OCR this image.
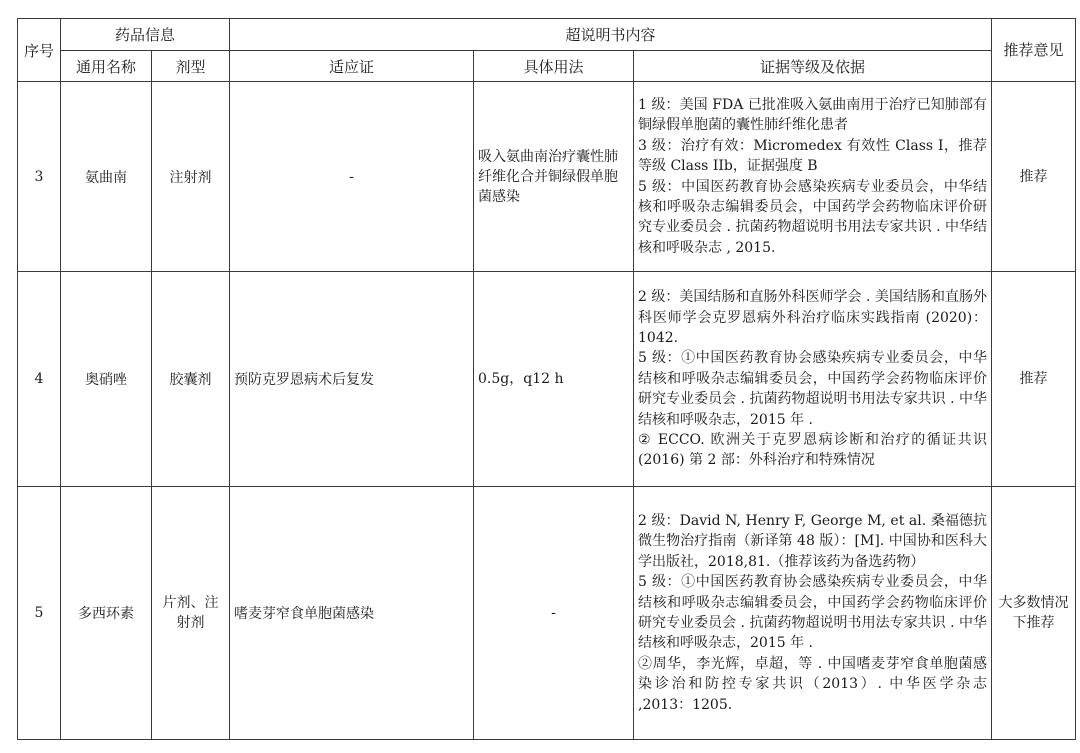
序号	药品信息		超说明书内容			推荐意见
	通用名称	剂型	适应证	具体用法	证据等级及依据	
3	氨曲南	注射剂	-	吸入氨曲南治疗囊性肺纤维化合并铜绿假单胞菌感染	1 级：美国 FDA 已批准吸入氨曲南用于治疗已知肺部有铜绿假单胞菌的囊性肺纤维化患者
3 级：治疗有效：Micromedex 有效性 Class I，推荐等级 Class IIb，证据强度 B
5 级：中国医药教育协会感染疾病专业委员会，中华结核和呼吸杂志编辑委员会，中国药学会药物临床评价研究专业委员会 . 抗菌药物超说明书用法专家共识 . 中华结核和呼吸杂志 , 2015.	推荐
4	奥硝唑	胶囊剂	预防克罗恩病术后复发	0.5g，q12 h	2 级：美国结肠和直肠外科医师学会 . 美国结肠和直肠外科医师学会克罗恩病外科治疗临床实践指南 (2020)：1042.
5 级：①中国医药教育协会感染疾病专业委员会，中华结核和呼吸杂志编辑委员会，中国药学会药物临床评价研究专业委员会 . 抗菌药物超说明书用法专家共识 . 中华结核和呼吸杂志，2015 年 .
② ECCO. 欧洲关于克罗恩病诊断和治疗的循证共识 (2016) 第 2 部：外科治疗和特殊情况	推荐
5	多西环素	片剂、注射剂	嗜麦芽窄食单胞菌感染	-	2 级：David N, Henry F, George M, et al. 桑福德抗微生物治疗指南（新译第 48 版）：[M]. 中国协和医科大学出版社，2018,81.（推荐该药为备选药物）
5 级：①中国医药教育协会感染疾病专业委员会，中华结核和呼吸杂志编辑委员会，中国药学会药物临床评价研究专业委员会 . 抗菌药物超说明书用法专家共识 . 中华结核和呼吸杂志，2015 年 .
②周华，李光辉，卓超，等 . 中国嗜麦芽窄食单胞菌感染诊治和防控专家共识（2013）. 中华医学杂志 ,2013：1205.	大多数情况下推荐
